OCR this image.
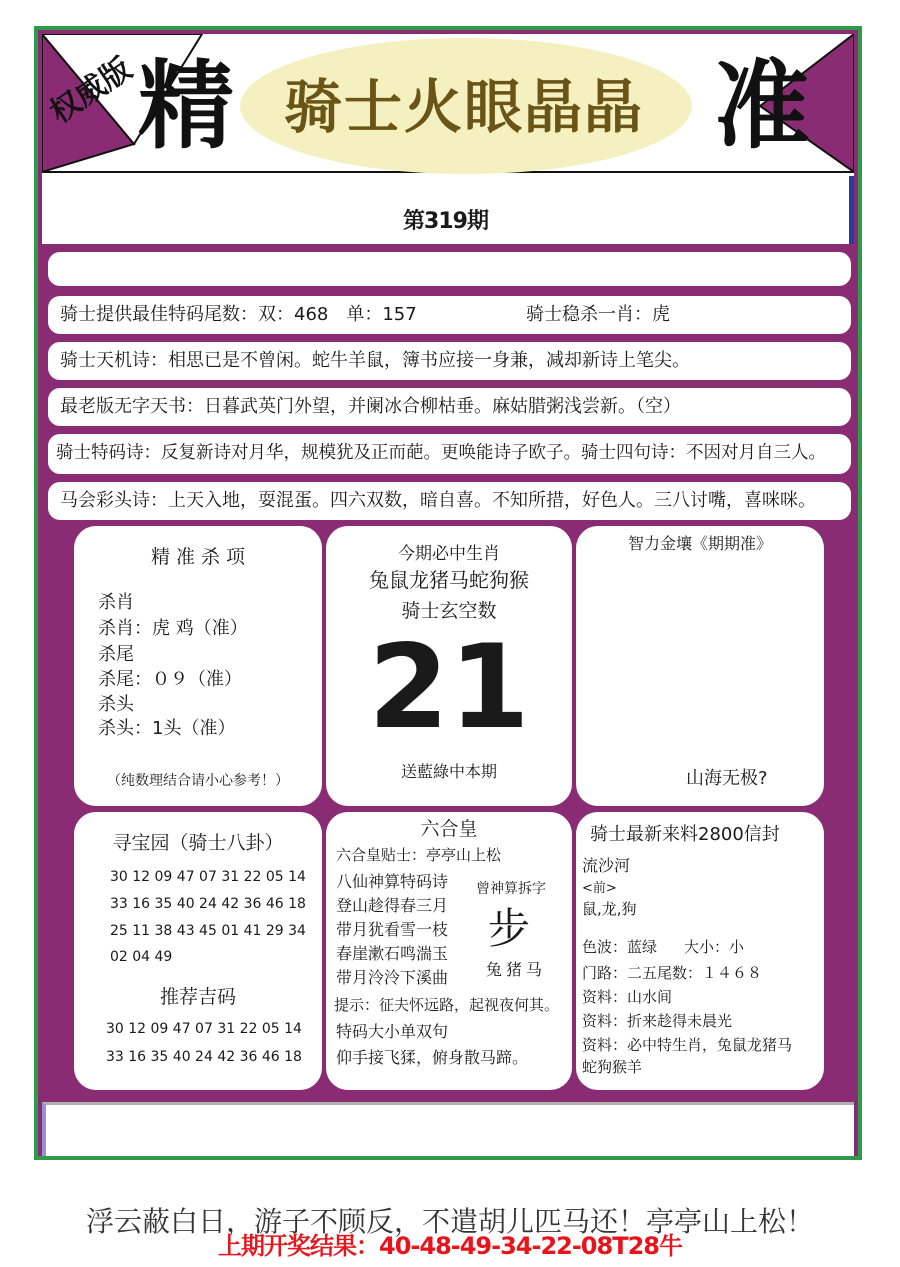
权威版 精 骑士火眼晶晶 准
第319期
骑士提供最佳特码尾数：双：468　单：157	骑士稳杀一肖：虎
骑士天机诗：相思已是不曾闲。蛇牛羊鼠，簿书应接一身兼，减却新诗上笔尖。
最老版无字天书：日暮武英门外望，并阑冰合柳枯垂。麻姑腊粥浅尝新。（空）
骑士特码诗：反复新诗对月华，规模犹及正而葩。更唤能诗子欧子。骑士四句诗：不因对月自三人。
马会彩头诗：上天入地，耍混蛋。四六双数，暗自喜。不知所措，好色人。三八讨嘴，喜咪咪。
精 准 杀 项
杀肖
杀肖：虎 鸡（准）
杀尾
杀尾：０９（准）
杀头
杀头：1头（准）
（纯数理结合请小心参考！）
今期必中生肖
兔鼠龙猪马蛇狗猴
骑士玄空数
21
送藍綠中本期
智力金壤《期期准》
山海无极?
寻宝园（骑士八卦）
30 12 09 47 07 31 22 05 14
33 16 35 40 24 42 36 46 18
25 11 38 43 45 01 41 29 34
02 04 49
推荐吉码
30 12 09 47 07 31 22 05 14
33 16 35 40 24 42 36 46 18
六合皇
六合皇贴士：亭亭山上松
八仙神算特码诗
登山趁得春三月
带月犹看雪一枝
春崖漱石鸣湍玉
带月泠泠下溪曲
曾神算拆字
步
兔猪马
提示：征夫怀远路，起视夜何其。
特码大小单双句
仰手接飞猱，俯身散马蹄。
骑士最新来料2800信封
流沙河
<前>
鼠,龙,狗
色波：蓝绿 大小：小
门路：二五尾数：１４６８
资料：山水间
资料：折来趁得未晨光
资料：必中特生肖，兔鼠龙猪马
蛇狗猴羊
浮云蔽白日，游子不顾反，不遣胡儿匹马还！亭亭山上松！
上期开奖结果：40-48-49-34-22-08T28牛
